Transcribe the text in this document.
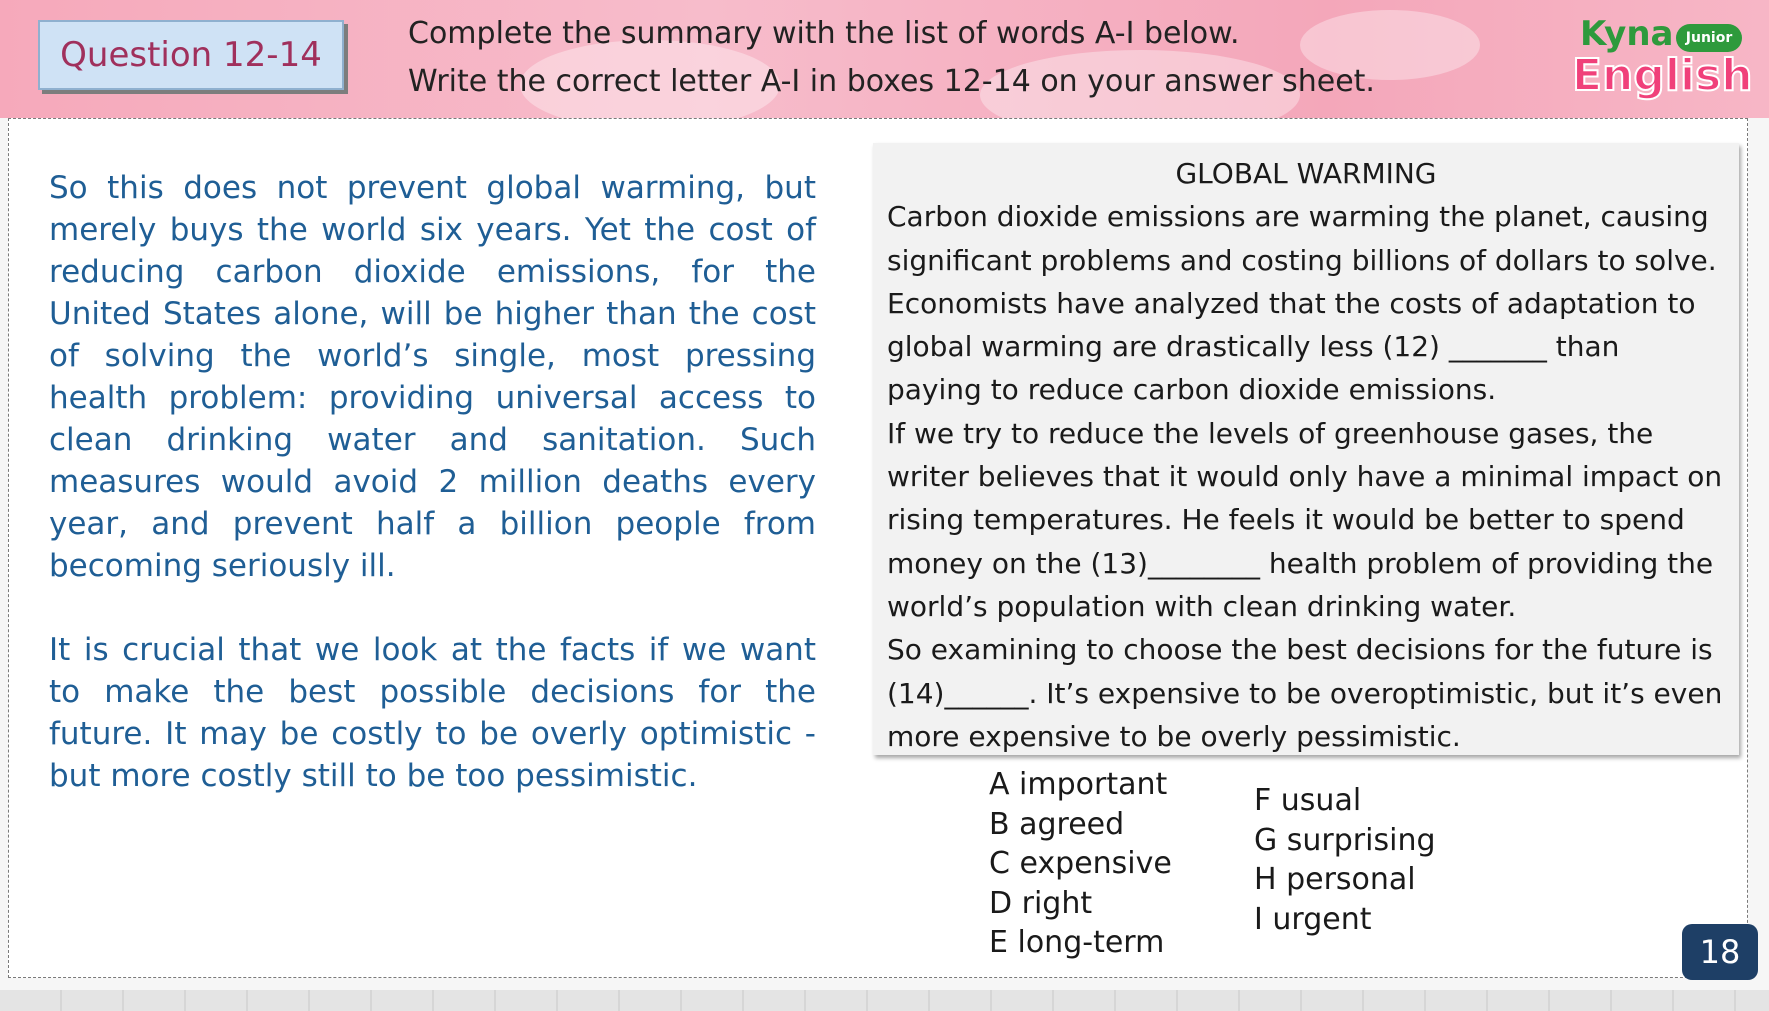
Question 12-14
Complete the summary with the list of words A-I below.
Write the correct letter A-I in boxes 12-14 on your answer sheet.
Kyna Junior
English

So this does not prevent global warming, but merely buys the world six years. Yet the cost of reducing carbon dioxide emissions, for the United States alone, will be higher than the cost of solving the world’s single, most pressing health problem: providing universal access to clean drinking water and sanitation. Such measures would avoid 2 million deaths every year, and prevent half a billion people from becoming seriously ill.

It is crucial that we look at the facts if we want to make the best possible decisions for the future. It may be costly to be overly optimistic - but more costly still to be too pessimistic.

GLOBAL WARMING
Carbon dioxide emissions are warming the planet, causing
significant problems and costing billions of dollars to solve.
Economists have analyzed that the costs of adaptation to
global warming are drastically less (12) _______ than
paying to reduce carbon dioxide emissions.
If we try to reduce the levels of greenhouse gases, the
writer believes that it would only have a minimal impact on
rising temperatures. He feels it would be better to spend
money on the (13)________ health problem of providing the
world’s population with clean drinking water.
So examining to choose the best decisions for the future is
(14)______. It’s expensive to be overoptimistic, but it’s even
more expensive to be overly pessimistic.
A important
B agreed
C expensive
D right
E long-term
F usual
G surprising
H personal
I urgent
18
